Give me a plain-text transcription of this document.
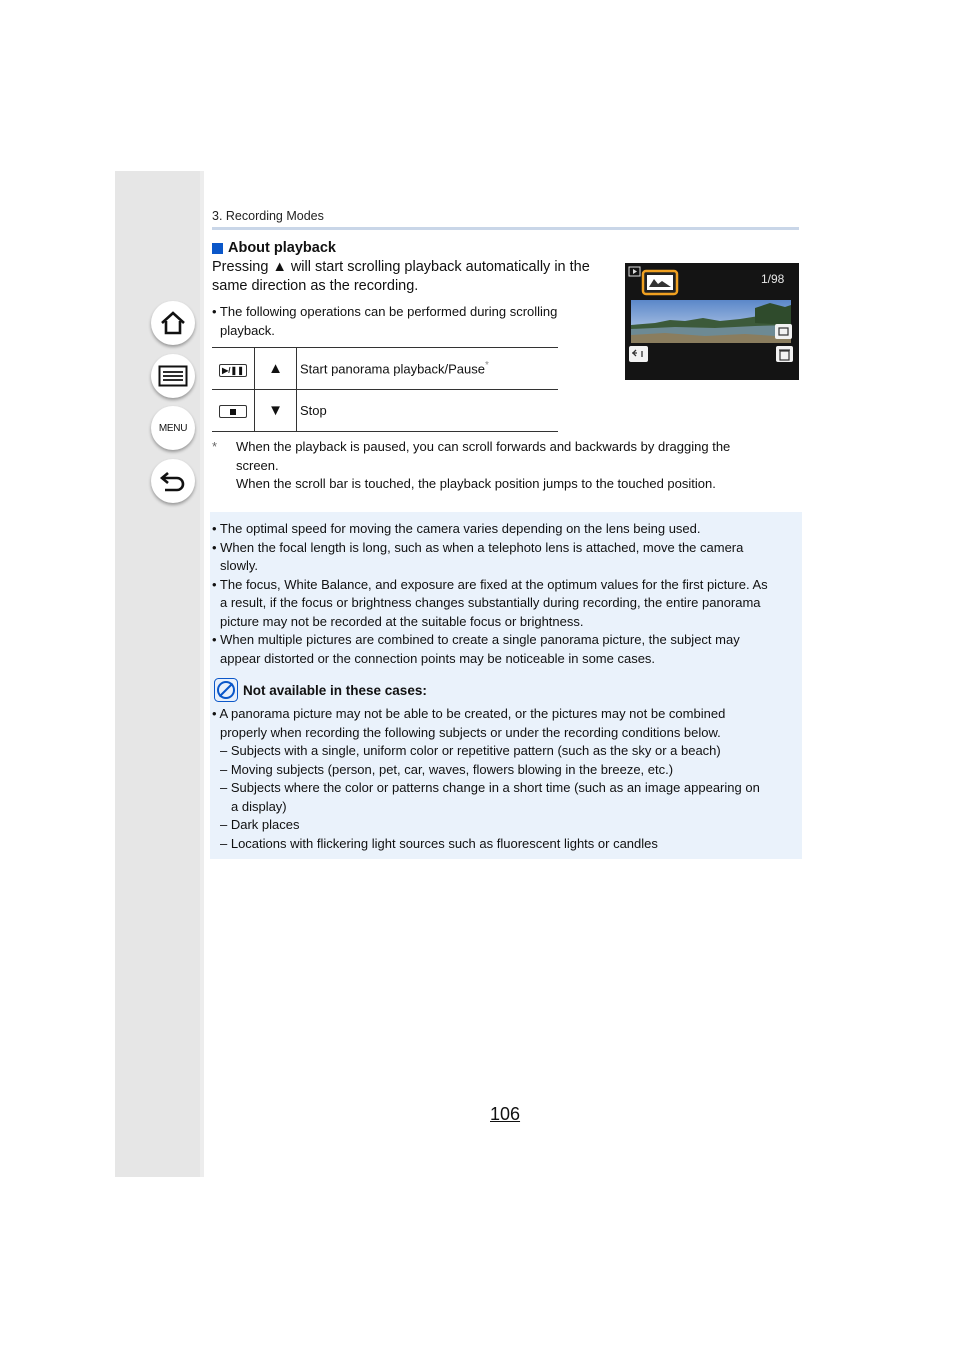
MENU
3. Recording Modes
About playback
Pressing ▲ will start scrolling playback automatically in the
same direction as the recording.
• The following operations can be performed during scrolling
playback.
▶/❚❚	▲	Start panorama playback/Pause*

	▼	Stop
* When the playback is paused, you can scroll forwards and backwards by dragging the
screen.
When the scroll bar is touched, the playback position jumps to the touched position.
1/98

• The optimal speed for moving the camera varies depending on the lens being used.

• When the focal length is long, such as when a telephoto lens is attached, move the camera
slowly.

• The focus, White Balance, and exposure are fixed at the optimum values for the first picture. As
a result, if the focus or brightness changes substantially during recording, the entire panorama
picture may not be recorded at the suitable focus or brightness.

• When multiple pictures are combined to create a single panorama picture, the subject may
appear distorted or the connection points may be noticeable in some cases.

Not available in these cases:

• A panorama picture may not be able to be created, or the pictures may not be combined
properly when recording the following subjects or under the recording conditions below.

– Subjects with a single, uniform color or repetitive pattern (such as the sky or a beach)

– Moving subjects (person, pet, car, waves, flowers blowing in the breeze, etc.)

– Subjects where the color or patterns change in a short time (such as an image appearing on
a display)

– Dark places

– Locations with flickering light sources such as fluorescent lights or candles

106
